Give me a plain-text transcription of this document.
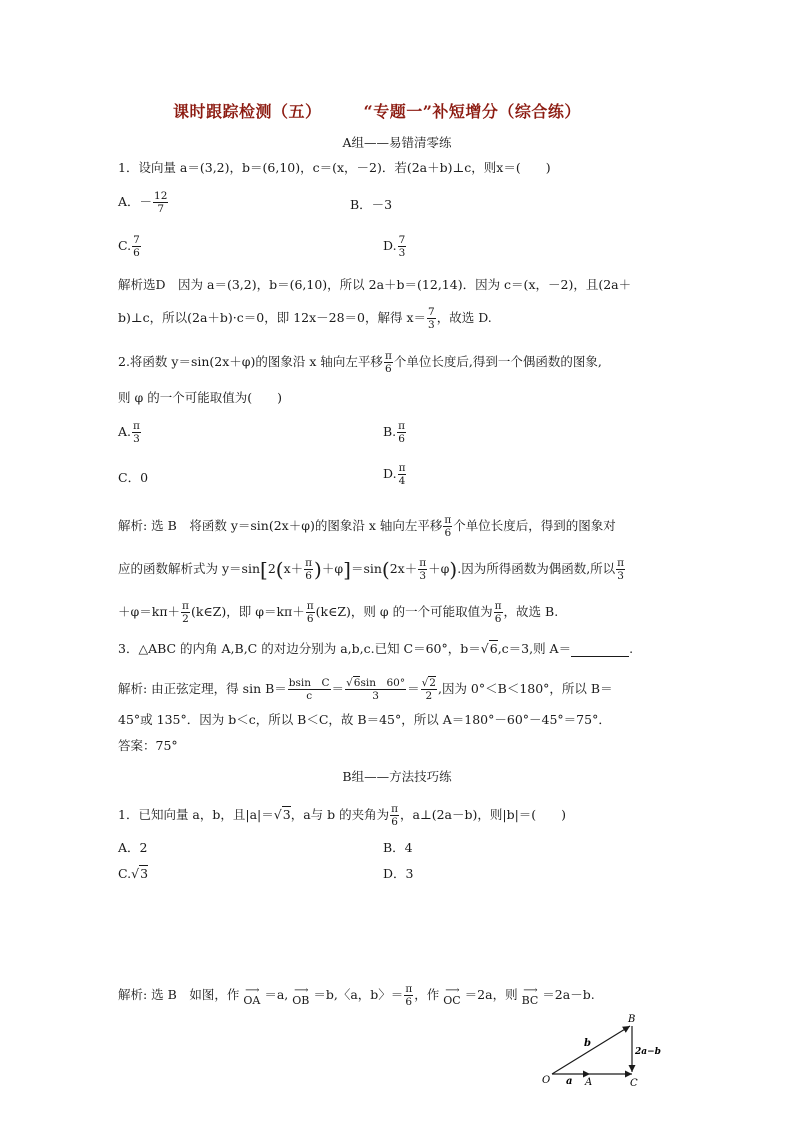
课时跟踪检测（五）	“专题一”补短增分（综合练）
A组——易错清零练
1．设向量 a＝(3,2)，b＝(6,10)，c＝(x，－2)．若(2a＋b)⊥c，则x＝(　　)
A．－ $\frac{12}{7}$	B．－3
C. $\frac{7}{6}$	D. $\frac{7}{3}$
解析选D　因为 a＝(3,2)，b＝(6,10)，所以 2a＋b＝(12,14)．因为 c＝(x，－2)，且(2a＋
b)⊥c，所以(2a＋b)·c＝0，即 12x－28＝0，解得 $x= \frac{7}{3}$ ，故选 D.
2.将函数 y＝sin(2x＋φ)的图象沿 x 轴向左平移 $\frac{\pi}{6}$ 个单位长度后,得到一个偶函数的图象,
则 φ 的一个可能取值为(　　)
A. $\frac{\pi}{3}$	B. $\frac{\pi}{6}$
C．0	D. $\frac{\pi}{4}$
解析: 选 B　将函数 y＝sin(2x＋φ)的图象沿 x 轴向左平移 $\frac{\pi}{6}$ 个单位长度后，得到的图象对
应的函数解析式为 $y=\sin[2(x+ \frac{\pi}{6} )+\varphi]=\sin(2x+ \frac{\pi}{3} +\varphi)$.因为所得函数为偶函数,所以 $\frac{\pi}{3}$
$+\varphi=k\pi+ \frac{\pi}{2}$ (k∈Z)，即 $\varphi=k\pi+ \frac{\pi}{6}$ (k∈Z)，则 φ 的一个可能取值为 $\frac{\pi}{6}$ ，故选 B.
3．△ABC 的内角 A,B,C 的对边分别为 a,b,c.已知 C＝60°，b＝√6,c＝3,则 A＝	.
解析: 由正弦定理，得 $\sin B= \frac{\text{bsin　C}}{c} = \frac{√6\sin 60^\circ}{3} = \frac{√2}{2}$ ,因为 0°＜B＜180°，所以 B＝
45°或 135°．因为 b＜c，所以 B＜C，故 B＝45°，所以 A＝180°－60°－45°＝75°．
答案：75°
B组——方法技巧练
1．已知向量 a，b，且|a|＝√3，a与 b 的夹角为 $\frac{\pi}{6}$ ，a⊥(2a－b)，则|b|＝(　　)
A．2	B．4
C.√3	D．3
解析: 选 B　如图，作 ⟶
OA ＝a, ⟶
OB ＝b,〈a，b〉＝ $\frac{\pi}{6}$ ，作 ⟶
OC ＝2a，则 ⟶
BC ＝2a－b.
O	A	C
B
a
b
2a−b
